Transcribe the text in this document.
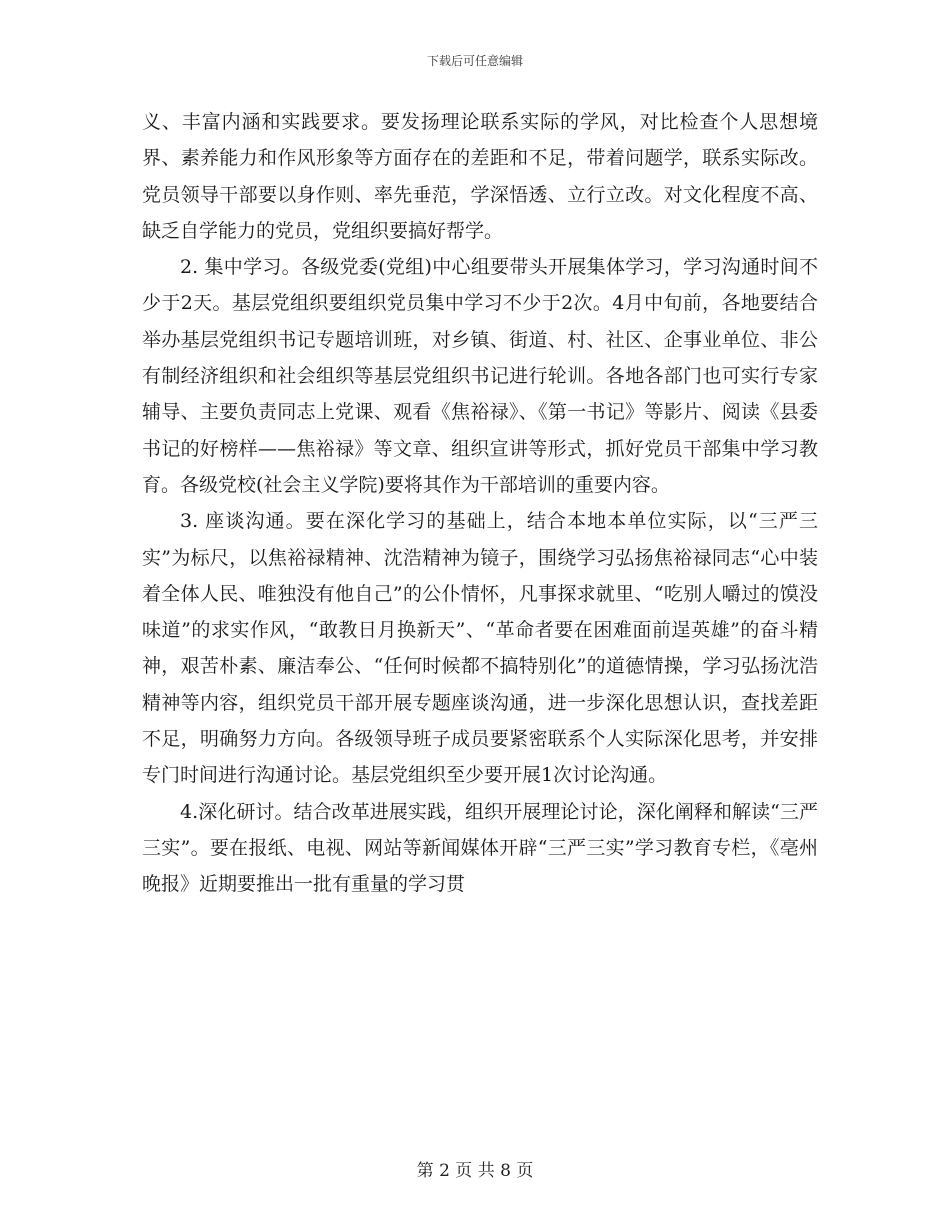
下载后可任意编辑

义、丰富内涵和实践要求。要发扬理论联系实际的学风，对比检查个人思想境界、素养能力和作风形象等方面存在的差距和不足，带着问题学，联系实际改。党员领导干部要以身作则、率先垂范，学深悟透、立行立改。对文化程度不高、缺乏自学能力的党员，党组织要搞好帮学。

2. 集中学习。各级党委(党组)中心组要带头开展集体学习，学习沟通时间不少于2天。基层党组织要组织党员集中学习不少于2次。4月中旬前，各地要结合举办基层党组织书记专题培训班，对乡镇、街道、村、社区、企事业单位、非公有制经济组织和社会组织等基层党组织书记进行轮训。各地各部门也可实行专家辅导、主要负责同志上党课、观看《焦裕禄》、《第一书记》等影片、阅读《县委书记的好榜样——焦裕禄》等文章、组织宣讲等形式，抓好党员干部集中学习教育。各级党校(社会主义学院)要将其作为干部培训的重要内容。

3. 座谈沟通。要在深化学习的基础上，结合本地本单位实际，以“三严三实”为标尺，以焦裕禄精神、沈浩精神为镜子，围绕学习弘扬焦裕禄同志“心中装着全体人民、唯独没有他自己”的公仆情怀，凡事探求就里、“吃别人嚼过的馍没味道”的求实作风，“敢教日月换新天”、“革命者要在困难面前逞英雄”的奋斗精神，艰苦朴素、廉洁奉公、“任何时候都不搞特别化”的道德情操，学习弘扬沈浩精神等内容，组织党员干部开展专题座谈沟通，进一步深化思想认识，查找差距不足，明确努力方向。各级领导班子成员要紧密联系个人实际深化思考，并安排专门时间进行沟通讨论。基层党组织至少要开展1次讨论沟通。

4.深化研讨。结合改革进展实践，组织开展理论讨论，深化阐释和解读“三严三实”。要在报纸、电视、网站等新闻媒体开辟“三严三实”学习教育专栏，《亳州晚报》近期要推出一批有重量的学习贯

第 2 页 共 8 页
